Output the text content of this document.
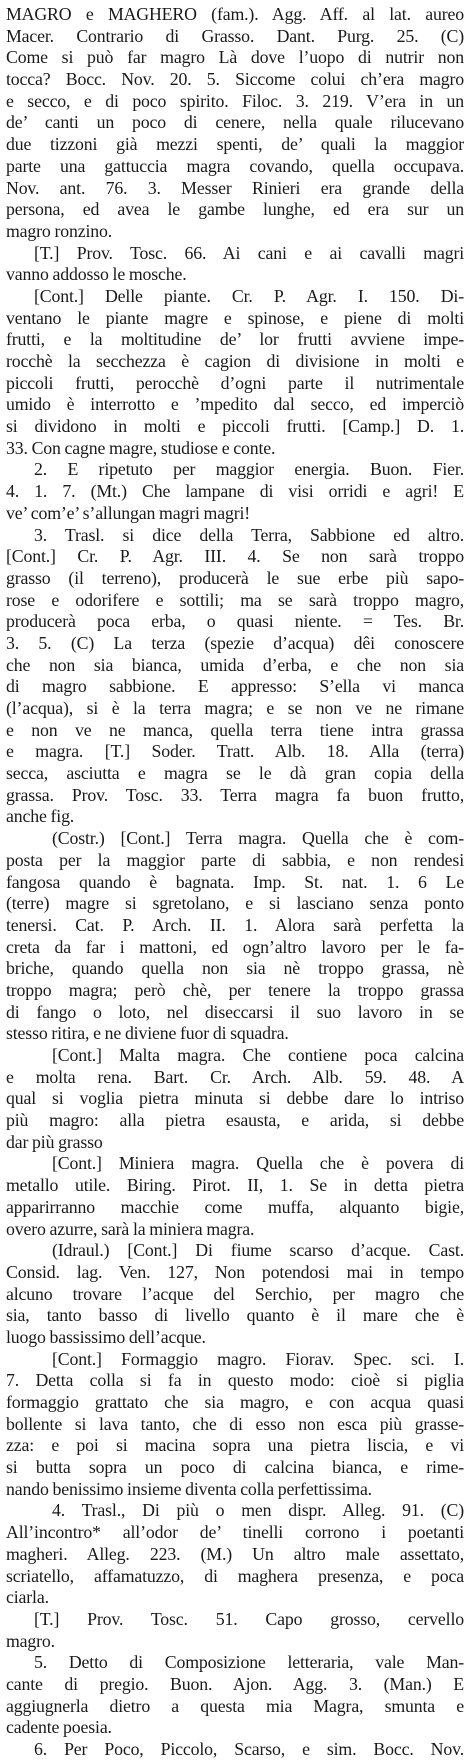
MAGRO e MAGHERO (fam.). Agg. Aff. al lat. aureo
Macer. Contrario di Grasso. Dant. Purg. 25. (C)
Come si può far magro Là dove l’uopo di nutrir non
tocca? Bocc. Nov. 20. 5. Siccome colui ch’era magro
e secco, e di poco spirito. Filoc. 3. 219. V’era in un
de’ canti un poco di cenere, nella quale rilucevano
due tizzoni già mezzi spenti, de’ quali la maggior
parte una gattuccia magra covando, quella occupava.
Nov. ant. 76. 3. Messer Rinieri era grande della
persona, ed avea le gambe lunghe, ed era sur un
magro ronzino.
[T.] Prov. Tosc. 66. Ai cani e ai cavalli magri
vanno addosso le mosche.
[Cont.] Delle piante. Cr. P. Agr. I. 150. Di-
ventano le piante magre e spinose, e piene di molti
frutti, e la moltitudine de’ lor frutti avviene impe-
rocchè la secchezza è cagion di divisione in molti e
piccoli frutti, perocchè d’ogni parte il nutrimentale
umido è interrotto e ’mpedito dal secco, ed imperciò
si dividono in molti e piccoli frutti. [Camp.] D. 1.
33. Con cagne magre, studiose e conte.
2. E ripetuto per maggior energia. Buon. Fier.
4. 1. 7. (Mt.) Che lampane di visi orridi e agri! E
ve’ com’e’ s’allungan magri magri!
3. Trasl. si dice della Terra, Sabbione ed altro.
[Cont.] Cr. P. Agr. III. 4. Se non sarà troppo
grasso (il terreno), producerà le sue erbe più sapo-
rose e odorifere e sottili; ma se sarà troppo magro,
producerà poca erba, o quasi niente. = Tes. Br.
3. 5. (C) La terza (spezie d’acqua) dêi conoscere
che non sia bianca, umida d’erba, e che non sia
di magro sabbione. E appresso: S’ella vi manca
(l’acqua), si è la terra magra; e se non ve ne rimane
e non ve ne manca, quella terra tiene intra grassa
e magra. [T.] Soder. Tratt. Alb. 18. Alla (terra)
secca, asciutta e magra se le dà gran copia della
grassa. Prov. Tosc. 33. Terra magra fa buon frutto,
anche fig.
(Costr.) [Cont.] Terra magra. Quella che è com-
posta per la maggior parte di sabbia, e non rendesi
fangosa quando è bagnata. Imp. St. nat. 1. 6 Le
(terre) magre si sgretolano, e si lasciano senza ponto
tenersi. Cat. P. Arch. II. 1. Alora sarà perfetta la
creta da far i mattoni, ed ogn’altro lavoro per le fa-
briche, quando quella non sia nè troppo grassa, nè
troppo magra; però chè, per tenere la troppo grassa
di fango o loto, nel diseccarsi il suo lavoro in se
stesso ritira, e ne diviene fuor di squadra.
[Cont.] Malta magra. Che contiene poca calcina
e molta rena. Bart. Cr. Arch. Alb. 59. 48. A
qual si voglia pietra minuta si debbe dare lo intriso
più magro: alla pietra esausta, e arida, si debbe
dar più grasso
[Cont.] Miniera magra. Quella che è povera di
metallo utile. Biring. Pirot. II, 1. Se in detta pietra
apparirranno macchie come muffa, alquanto bigie,
overo azurre, sarà la miniera magra.
(Idraul.) [Cont.] Di fiume scarso d’acque. Cast.
Consid. lag. Ven. 127, Non potendosi mai in tempo
alcuno trovare l’acque del Serchio, per magro che
sia, tanto basso di livello quanto è il mare che è
luogo bassissimo dell’acque.
[Cont.] Formaggio magro. Fiorav. Spec. sci. I.
7. Detta colla si fa in questo modo: cioè si piglia
formaggio grattato che sia magro, e con acqua quasi
bollente si lava tanto, che di esso non esca più grasse-
zza: e poi si macina sopra una pietra liscia, e vi
si butta sopra un poco di calcina bianca, e rime-
nando benissimo insieme diventa colla perfettissima.
4. Trasl., Di più o men dispr. Alleg. 91. (C)
All’incontro* all’odor de’ tinelli corrono i poetanti
magheri. Alleg. 223. (M.) Un altro male assettato,
scriatello, affamatuzzo, di maghera presenza, e poca
ciarla.
[T.] Prov. Tosc. 51. Capo grosso, cervello
magro.
5. Detto di Composizione letteraria, vale Man-
cante di pregio. Buon. Ajon. Agg. 3. (Man.) E
aggiugnerla dietro a questa mia Magra, smunta e
cadente poesia.
6. Per Poco, Piccolo, Scarso, e sim. Bocc. Nov.
